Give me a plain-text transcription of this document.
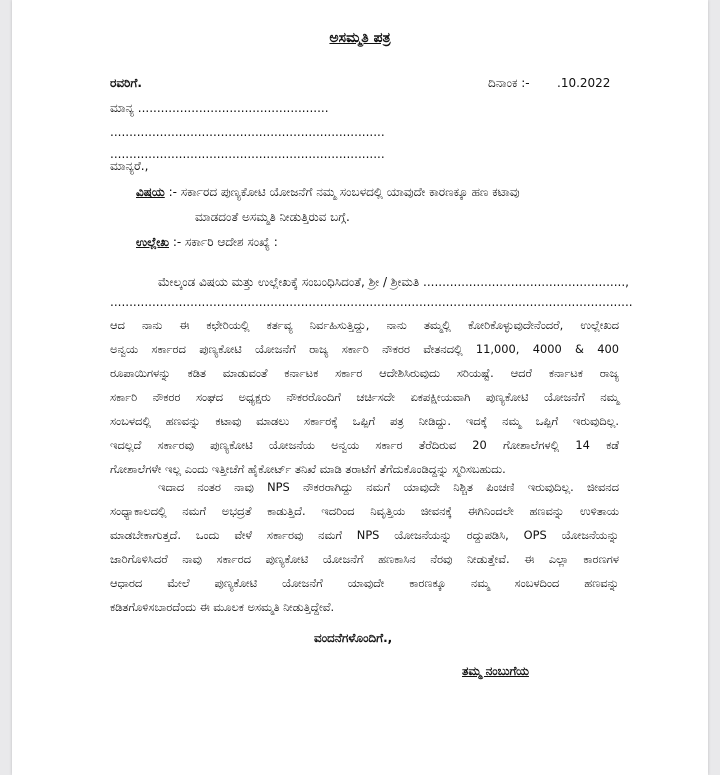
ಅಸಮ್ಮತಿ ಪತ್ರ
ರವರಿಗೆ.	ದಿನಾಂಕ :- .10.2022
ಮಾನ್ಯ ..................................................
........................................................................
........................................................................
ಮಾನ್ಯರೆ.,
ವಿಷಯ :- ಸರ್ಕಾರದ ಪುಣ್ಯಕೋಟಿ ಯೋಜನೆಗೆ ನಮ್ಮ ಸಂಬಳದಲ್ಲಿ ಯಾವುದೇ ಕಾರಣಕ್ಕೂ ಹಣ ಕಟಾವು
ಮಾಡದಂತೆ ಅಸಮ್ಮತಿ ನೀಡುತ್ತಿರುವ ಬಗ್ಗೆ.
ಉಲ್ಲೇಖ :- ಸರ್ಕಾರಿ ಆದೇಶ ಸಂಖ್ಯೆ :
ಮೇಲ್ಕಂಡ ವಿಷಯ ಮತ್ತು ಉಲ್ಲೇಖಕ್ಕೆ ಸಂಬಂಧಿಸಿದಂತೆ, ಶ್ರೀ / ಶ್ರೀಮತಿ .....................................................,
.........................................................................................................................................
ಆದ ನಾನು ಈ ಕಛೇರಿಯಲ್ಲಿ ಕರ್ತವ್ಯ ನಿರ್ವಹಿಸುತ್ತಿದ್ದು, ನಾನು ತಮ್ಮಲ್ಲಿ ಕೋರಿಕೊಳ್ಳುವುದೇನೆಂದರೆ, ಉಲ್ಲೇಖದ
ಅನ್ವಯ ಸರ್ಕಾರದ ಪುಣ್ಯಕೋಟಿ ಯೋಜನೆಗೆ ರಾಜ್ಯ ಸರ್ಕಾರಿ ನೌಕರರ ವೇತನದಲ್ಲಿ 11,000, 4000 & 400
ರೂಪಾಯಿಗಳನ್ನು ಕಡಿತ ಮಾಡುವಂತೆ ಕರ್ನಾಟಕ ಸರ್ಕಾರ ಆದೇಶಿಸಿರುವುದು ಸರಿಯಷ್ಟೆ. ಆದರೆ ಕರ್ನಾಟಕ ರಾಜ್ಯ
ಸರ್ಕಾರಿ ನೌಕರರ ಸಂಘದ ಅಧ್ಯಕ್ಷರು ನೌಕರರೊಂದಿಗೆ ಚರ್ಚಿಸದೇ ಏಕಪಕ್ಷೀಯವಾಗಿ ಪುಣ್ಯಕೋಟಿ ಯೋಜನೆಗೆ ನಮ್ಮ
ಸಂಬಳದಲ್ಲಿ ಹಣವನ್ನು ಕಟಾವು ಮಾಡಲು ಸರ್ಕಾರಕ್ಕೆ ಒಪ್ಪಿಗೆ ಪತ್ರ ನೀಡಿದ್ದು. ಇದಕ್ಕೆ ನಮ್ಮ ಒಪ್ಪಿಗೆ ಇರುವುದಿಲ್ಲ.
ಇದಲ್ಲದೆ ಸರ್ಕಾರವು ಪುಣ್ಯಕೋಟಿ ಯೋಜನೆಯ ಅನ್ವಯ ಸರ್ಕಾರ ತೆರೆದಿರುವ 20 ಗೋಶಾಲೆಗಳಲ್ಲಿ 14 ಕಡೆ
ಗೋಶಾಲೆಗಳೇ ಇಲ್ಲ ಎಂದು ಇತ್ತೀಚೆಗೆ ಹೈಕೋರ್ಟ್ ತನಿಖೆ ಮಾಡಿ ತರಾಟೆಗೆ ತೆಗೆದುಕೊಂಡಿದ್ದನ್ನು ಸ್ಮರಿಸಬಹುದು.
ಇದಾದ ನಂತರ ನಾವು NPS ನೌಕರರಾಗಿದ್ದು ನಮಗೆ ಯಾವುದೇ ನಿಶ್ಚಿತ ಪಿಂಚಣಿ ಇರುವುದಿಲ್ಲ. ಜೀವನದ
ಸಂಧ್ಯಾಕಾಲದಲ್ಲಿ ನಮಗೆ ಅಭದ್ರತೆ ಕಾಡುತ್ತಿದೆ. ಇದರಿಂದ ನಿವೃತ್ತಿಯ ಜೀವನಕ್ಕೆ ಈಗಿನಿಂದಲೇ ಹಣವನ್ನು ಉಳಿತಾಯ
ಮಾಡಬೇಕಾಗುತ್ತದೆ. ಒಂದು ವೇಳೆ ಸರ್ಕಾರವು ನಮಗೆ NPS ಯೋಜನೆಯನ್ನು ರದ್ದುಪಡಿಸಿ, OPS ಯೋಜನೆಯನ್ನು
ಜಾರಿಗೊಳಿಸಿದರೆ ನಾವು ಸರ್ಕಾರದ ಪುಣ್ಯಕೋಟಿ ಯೋಜನೆಗೆ ಹಣಕಾಸಿನ ನೆರವು ನೀಡುತ್ತೇವೆ. ಈ ಎಲ್ಲಾ ಕಾರಣಗಳ
ಆಧಾರದ ಮೇಲೆ ಪುಣ್ಯಕೋಟಿ ಯೋಜನೆಗೆ ಯಾವುದೇ ಕಾರಣಕ್ಕೂ ನಮ್ಮ ಸಂಬಳದಿಂದ ಹಣವನ್ನು
ಕಡಿತಗೊಳಿಸಬಾರದೆಂದು ಈ ಮೂಲಕ ಅಸಮ್ಮತಿ ನೀಡುತ್ತಿದ್ದೇವೆ.
ವಂದನೆಗಳೊಂದಿಗೆ.,
ತಮ್ಮ ನಂಬುಗೆಯ
